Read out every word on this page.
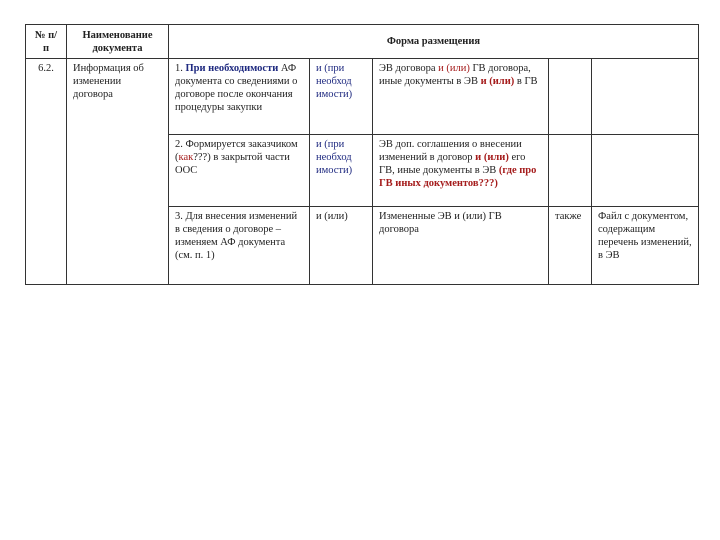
№ п/п	Наименование документа	Форма размещения				
6.2.	Информация об изменении договора	1. При необходимости АФ документа со сведениями о договоре после окончания процедуры закупки	и (при необход имости)	ЭВ договора и (или) ГВ договора, иные документы в ЭВ и (или) в ГВ		
		2. Формируется заказчиком (как???) в закрытой части ООС	и (при необход имости)	ЭВ доп. соглашения о внесении изменений в договор и (или) его ГВ, иные документы в ЭВ (где про ГВ иных документов???)		
		3. Для внесения изменений в сведения о договоре – изменяем АФ документа (см. п. 1)	и (или)	Измененные ЭВ и (или) ГВ договора	также	Файл с документом, содержащим перечень изменений, в ЭВ
